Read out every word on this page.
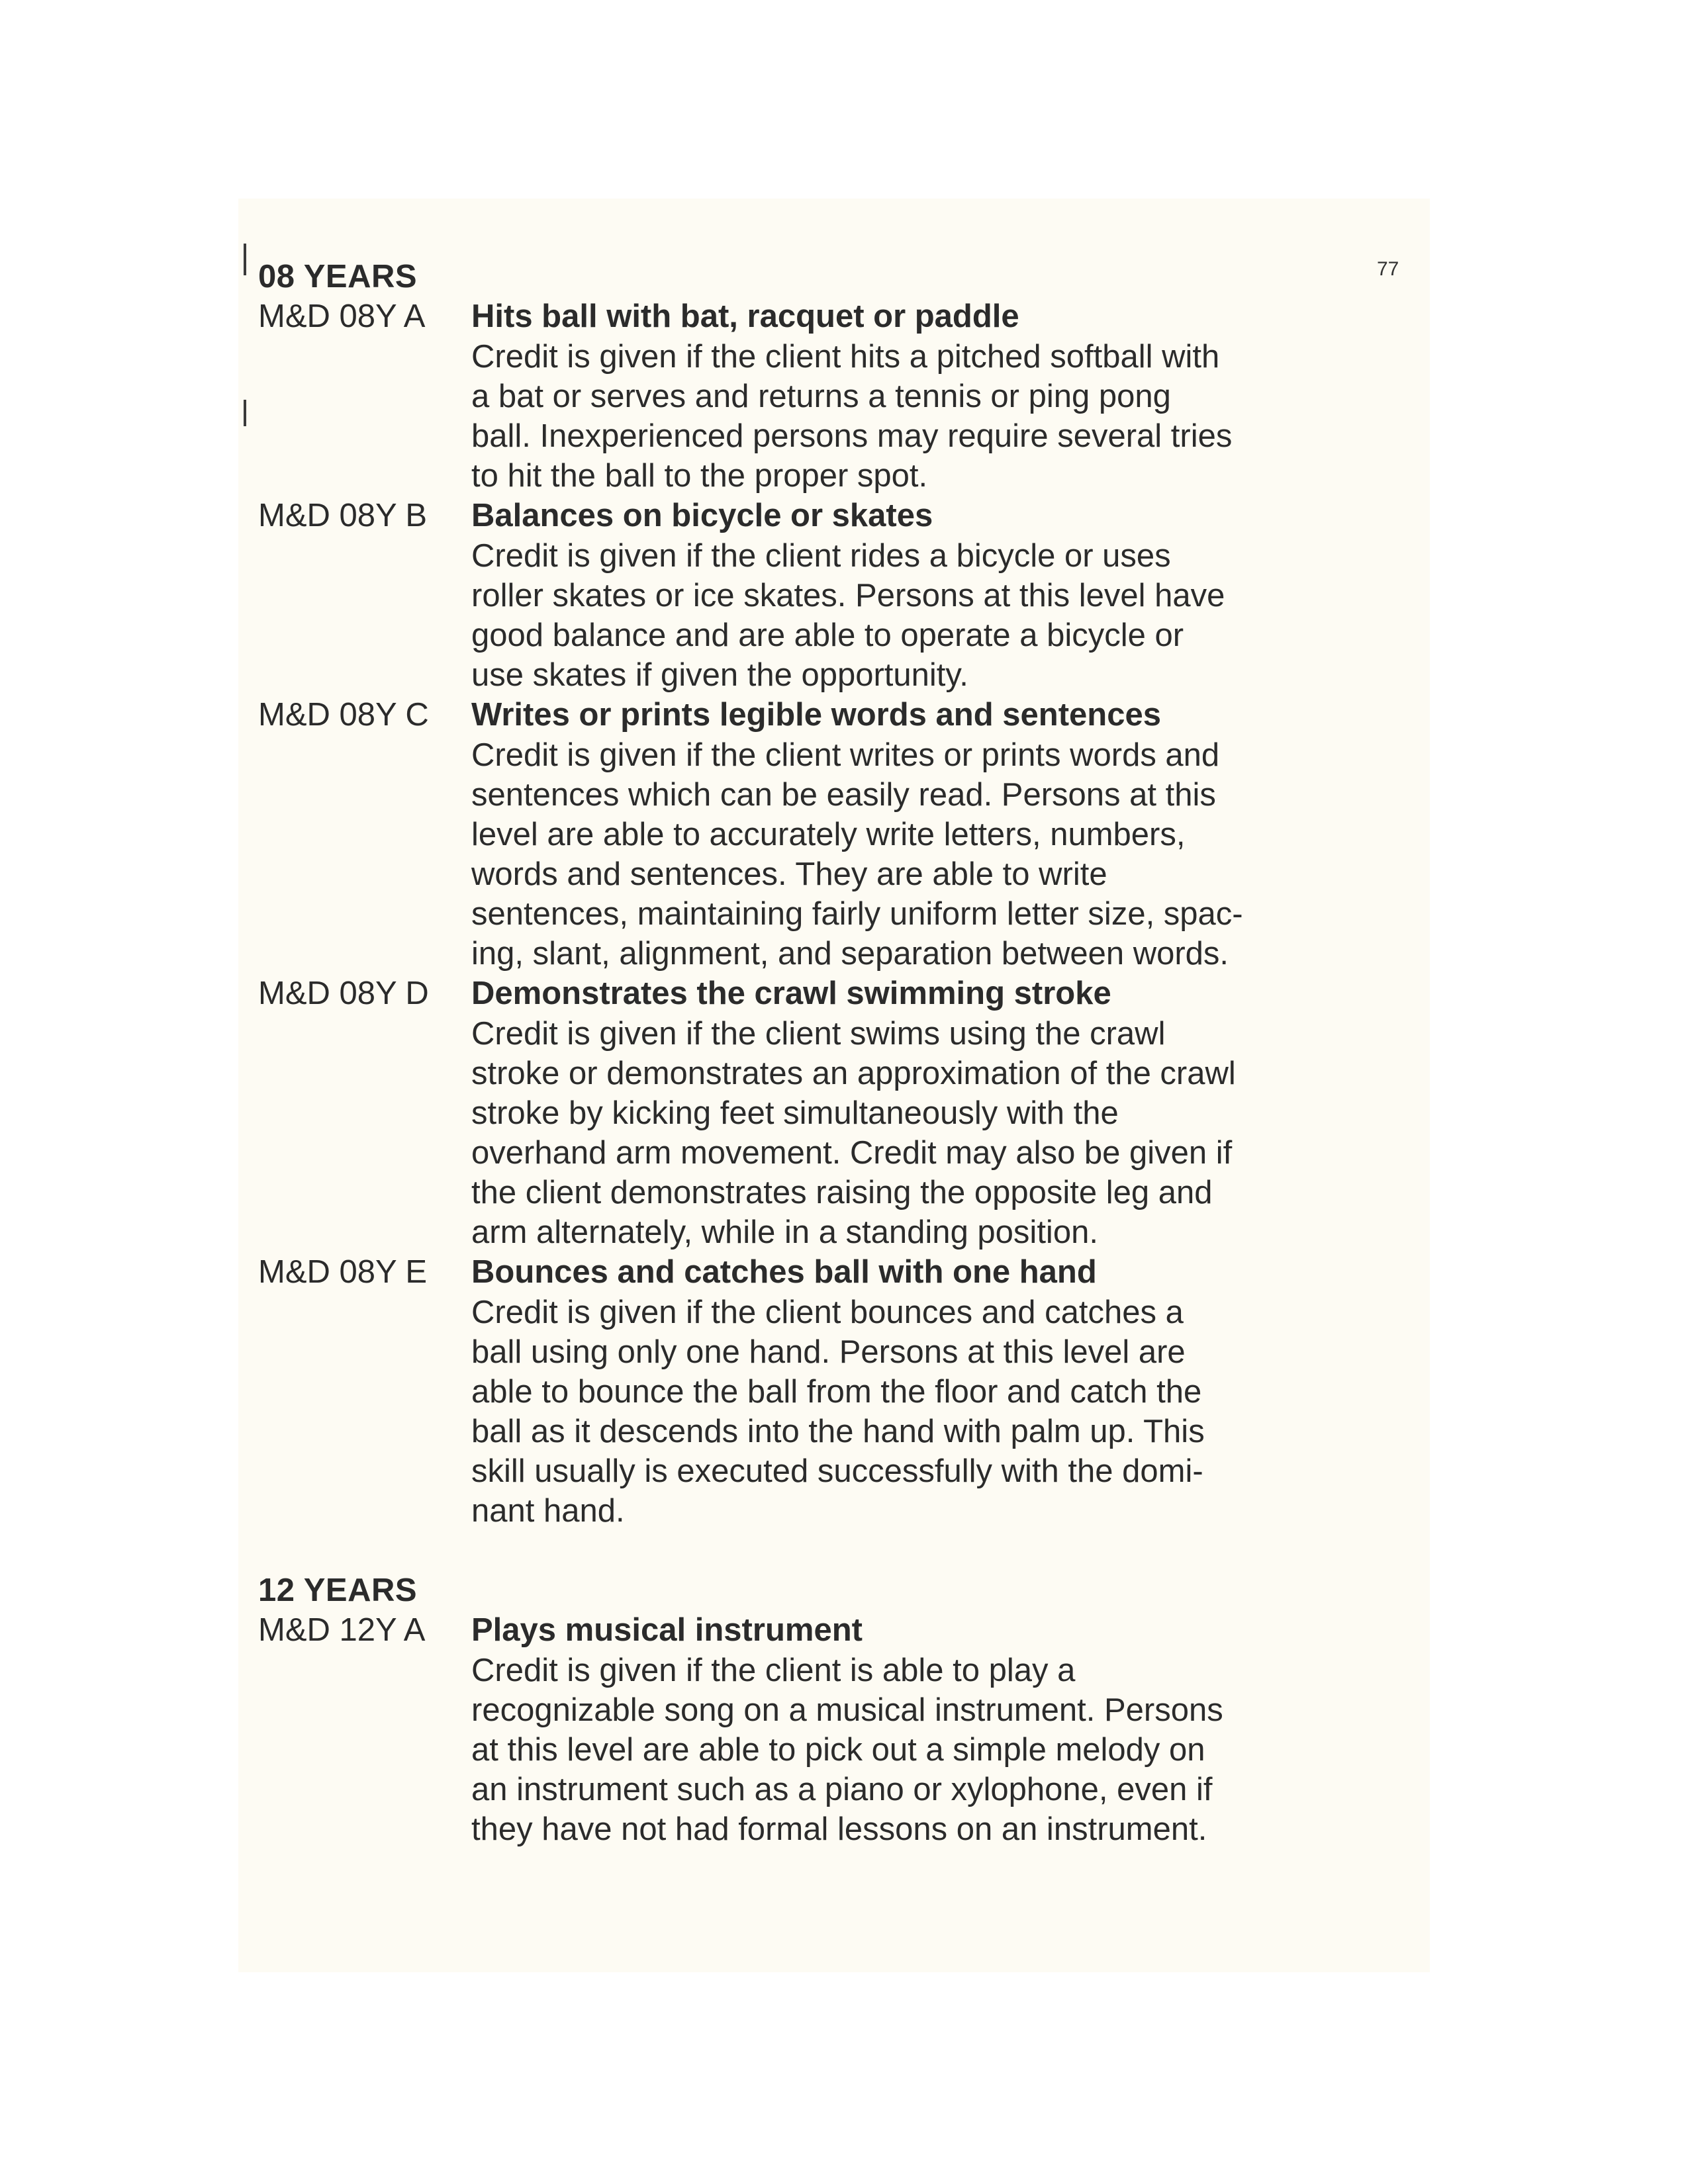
77
08 YEARS
M&D 08Y A	Hits ball with bat, racquet or paddle
Credit is given if the client hits a pitched softball with
a bat or serves and returns a tennis or ping pong
ball. Inexperienced persons may require several tries
to hit the ball to the proper spot.
M&D 08Y B	Balances on bicycle or skates
Credit is given if the client rides a bicycle or uses
roller skates or ice skates. Persons at this level have
good balance and are able to operate a bicycle or
use skates if given the opportunity.
M&D 08Y C	Writes or prints legible words and sentences
Credit is given if the client writes or prints words and
sentences which can be easily read. Persons at this
level are able to accurately write letters, numbers,
words and sentences. They are able to write
sentences, maintaining fairly uniform letter size, spac-
ing, slant, alignment, and separation between words.
M&D 08Y D	Demonstrates the crawl swimming stroke
Credit is given if the client swims using the crawl
stroke or demonstrates an approximation of the crawl
stroke by kicking feet simultaneously with the
overhand arm movement. Credit may also be given if
the client demonstrates raising the opposite leg and
arm alternately, while in a standing position.
M&D 08Y E	Bounces and catches ball with one hand
Credit is given if the client bounces and catches a
ball using only one hand. Persons at this level are
able to bounce the ball from the floor and catch the
ball as it descends into the hand with palm up. This
skill usually is executed successfully with the domi-
nant hand.
12 YEARS
M&D 12Y A	Plays musical instrument
Credit is given if the client is able to play a
recognizable song on a musical instrument. Persons
at this level are able to pick out a simple melody on
an instrument such as a piano or xylophone, even if
they have not had formal lessons on an instrument.
